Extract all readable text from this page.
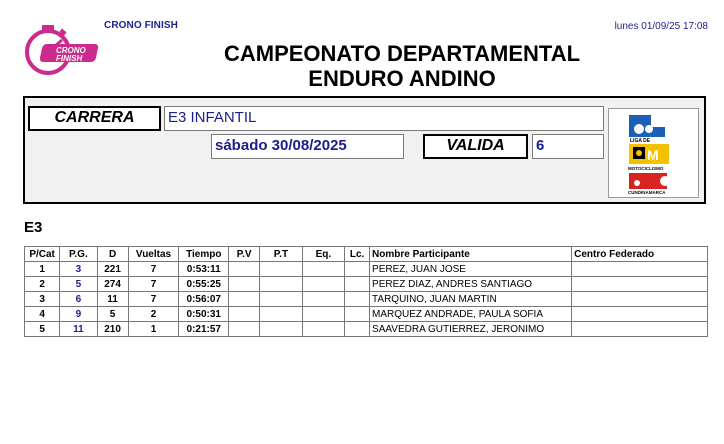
CRONO
FINISH
CRONO FINISH	lunes 01/09/25 17:08
CAMPEONATO DEPARTAMENTAL
ENDURO ANDINO
CARRERA	E3 INFANTIL
sábado 30/08/2025	VALIDA	6	LIGA DE
M
MOTOCICLISMO
CUNDINAMARCA
E3
P/Cat	P.G.	D	Vueltas	Tiempo	P.V	P.T	Eq.	Lc.	Nombre Participante	Centro Federado
1	3	221	7	0:53:11					PEREZ, JUAN JOSE	
2	5	274	7	0:55:25					PEREZ DIAZ, ANDRES SANTIAGO	
3	6	11	7	0:56:07					TARQUINO, JUAN MARTIN	
4	9	5	2	0:50:31					MARQUEZ ANDRADE, PAULA SOFIA	
5	11	210	1	0:21:57					SAAVEDRA GUTIERREZ, JERONIMO	
